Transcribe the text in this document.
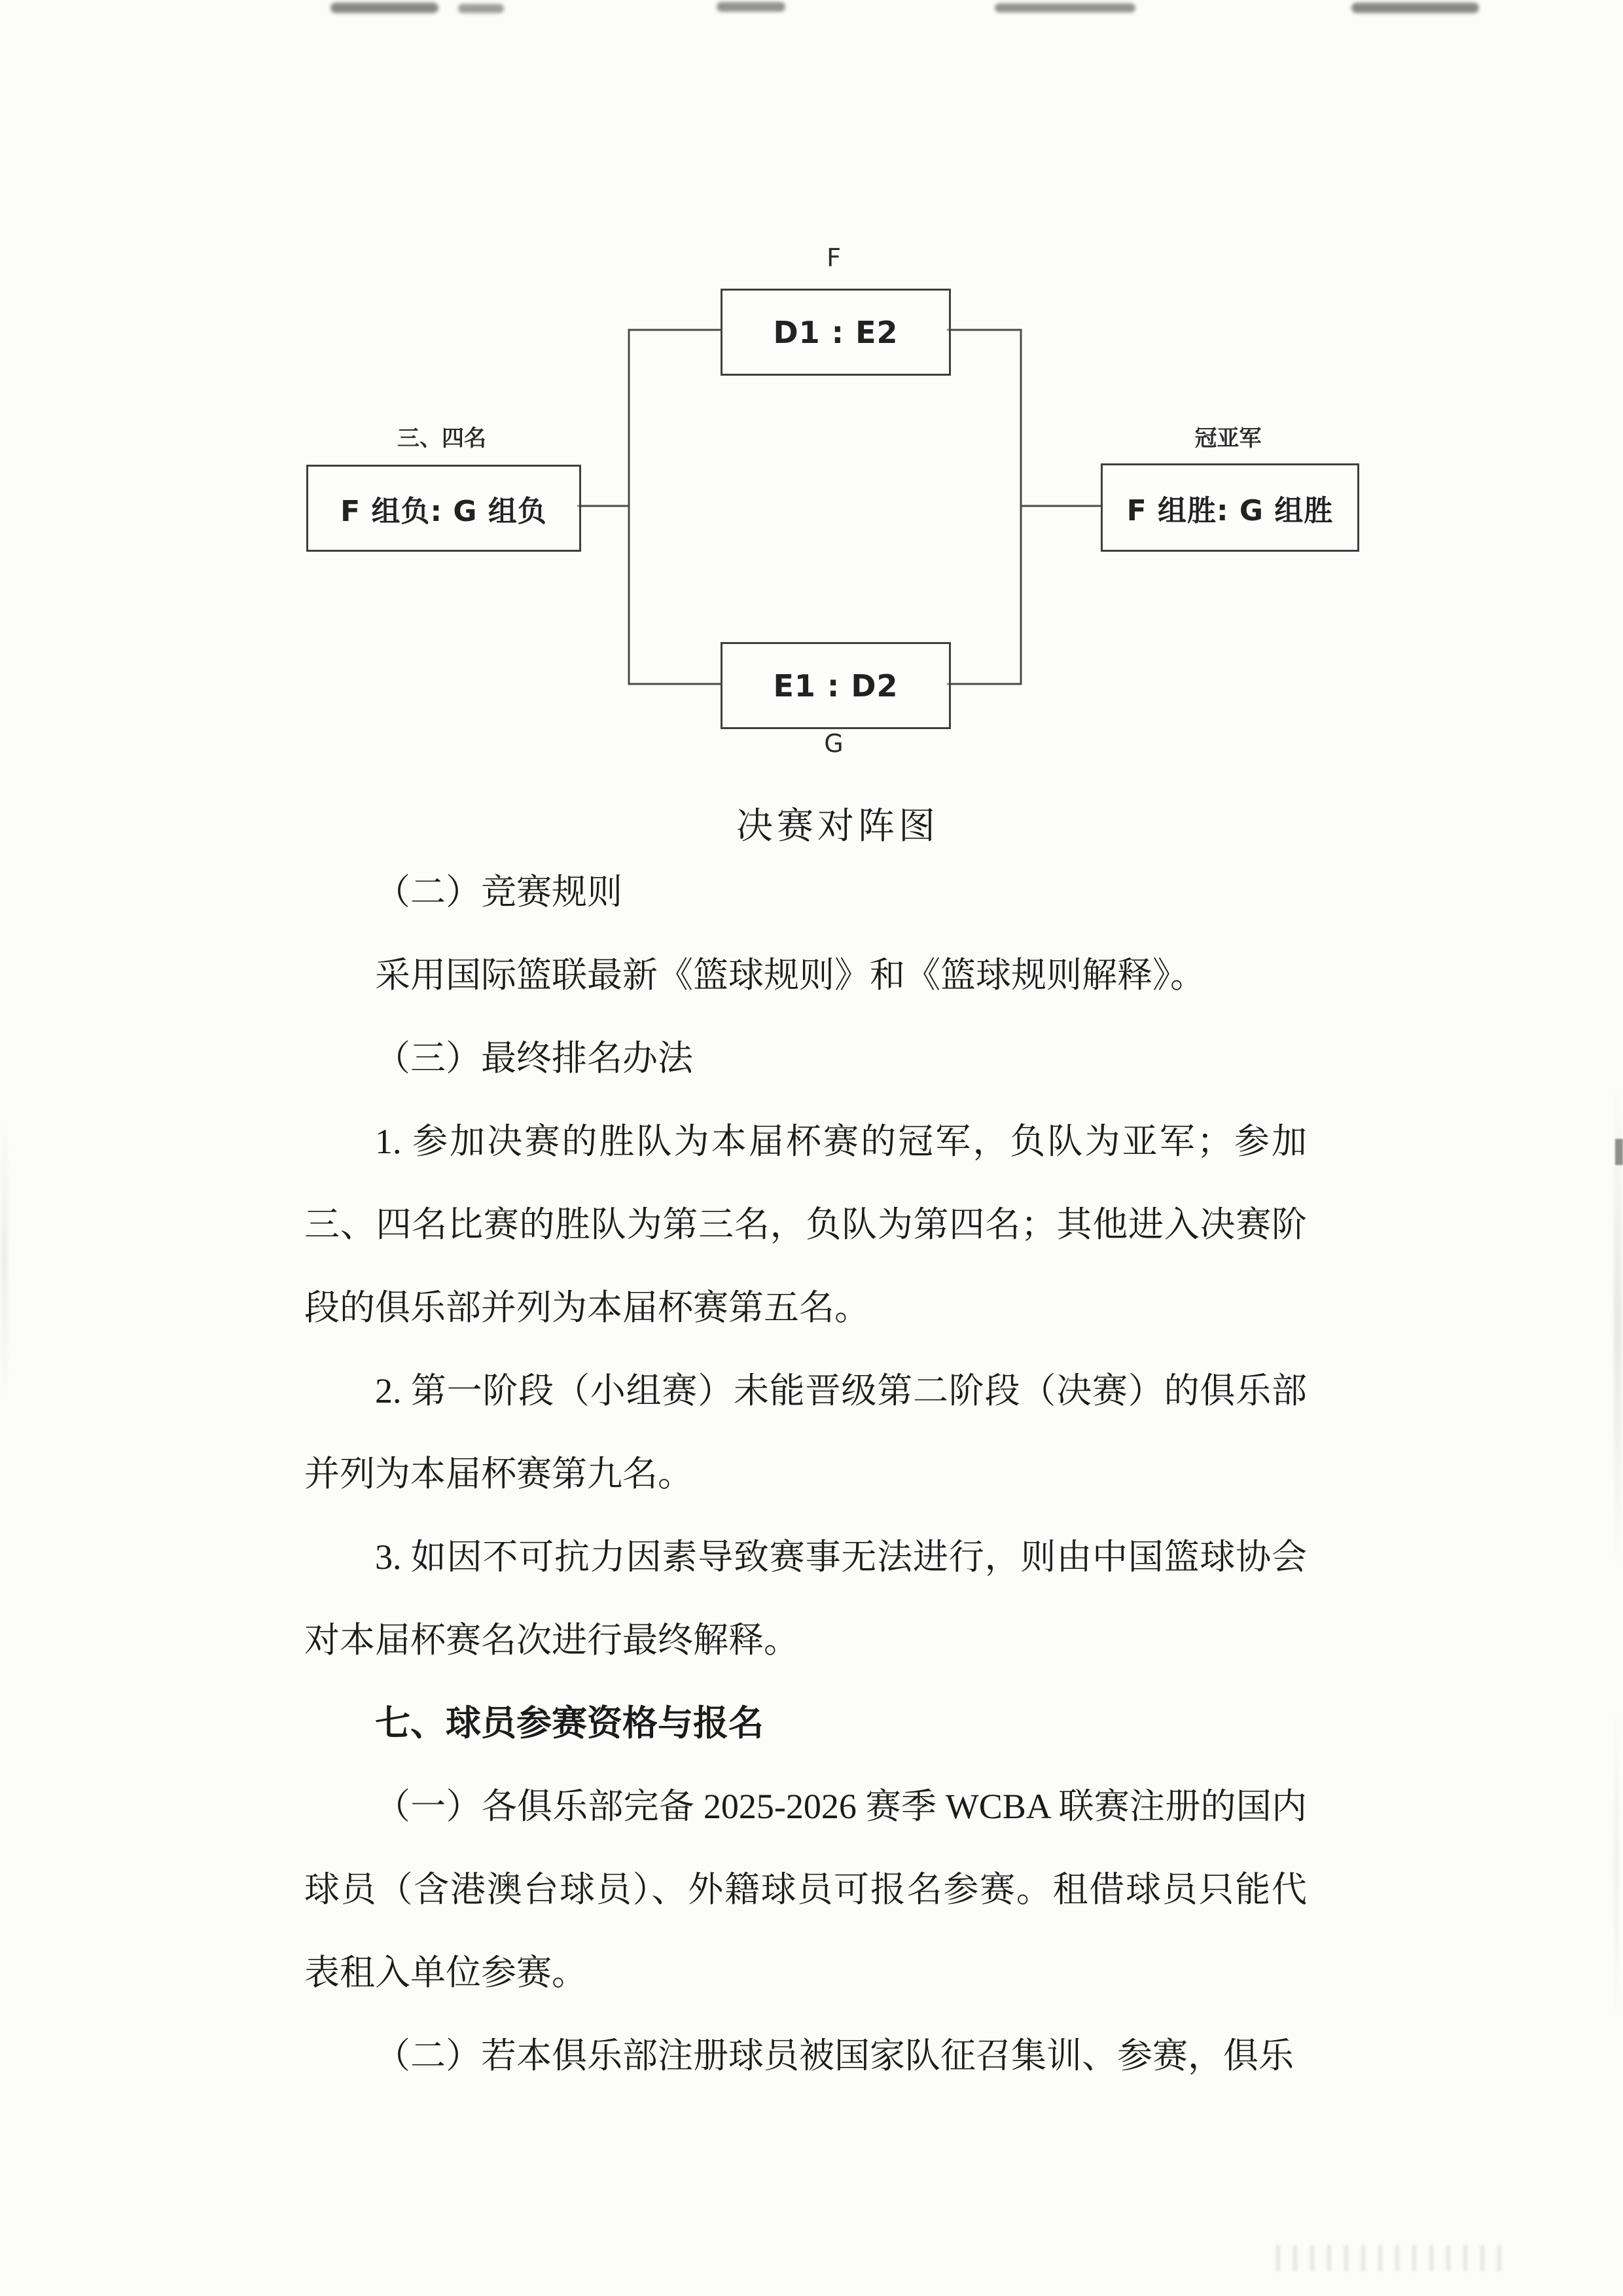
F
D1 : E2
三、四名
F 组负: G 组负
冠亚军
F 组胜: G 组胜
E1 : D2
G
决赛对阵图

（二）竞赛规则

采用国际篮联最新《篮球规则》和《篮球规则解释》。

（三）最终排名办法

1. 参加决赛的胜队为本届杯赛的冠军，负队为亚军；参加三、四名比赛的胜队为第三名，负队为第四名；其他进入决赛阶段的俱乐部并列为本届杯赛第五名。

2. 第一阶段（小组赛）未能晋级第二阶段（决赛）的俱乐部并列为本届杯赛第九名。

3. 如因不可抗力因素导致赛事无法进行，则由中国篮球协会对本届杯赛名次进行最终解释。

七、球员参赛资格与报名

（一）各俱乐部完备 2025-2026 赛季 WCBA 联赛注册的国内球员（含港澳台球员）、外籍球员可报名参赛。租借球员只能代表租入单位参赛。

（二）若本俱乐部注册球员被国家队征召集训、参赛，俱乐
